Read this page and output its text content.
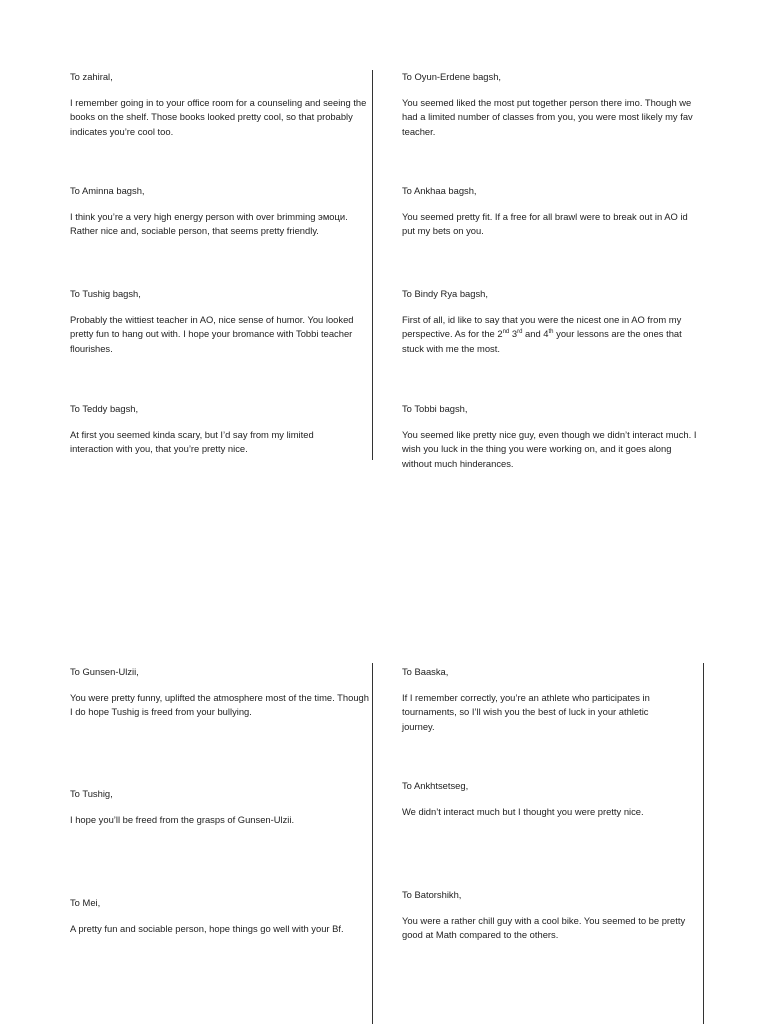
To zahiral,

I remember going in to your office room for a counseling and seeing the books on the shelf. Those books looked pretty cool, so that probably indicates you’re cool too.

To Aminna bagsh,

I think you’re a very high energy person with over brimming эмоци. Rather nice and, sociable person, that seems pretty friendly.

To Tushig bagsh,

Probably the wittiest teacher in AO, nice sense of humor. You looked pretty fun to hang out with. I hope your bromance with Tobbi teacher flourishes.

To Teddy bagsh,

At first you seemed kinda scary, but I’d say from my limited interaction with you, that you’re pretty nice.

To Oyun-Erdene bagsh,

You seemed liked the most put together person there imo. Though we had a limited number of classes from you, you were most likely my fav teacher.

To Ankhaa bagsh,

You seemed pretty fit. If a free for all brawl were to break out in AO id put my bets on you.

To Bindy Rya bagsh,

First of all, id like to say that you were the nicest one in AO from my perspective. As for the 2nd 3rd and 4th your lessons are the ones that stuck with me the most.

To Tobbi bagsh,

You seemed like pretty nice guy, even though we didn’t interact much. I wish you luck in the thing you were working on, and it goes along without much hinderances.

To Gunsen-Ulzii,

You were pretty funny, uplifted the atmosphere most of the time. Though I do hope Tushig is freed from your bullying.

To Tushig,

I hope you’ll be freed from the grasps of Gunsen-Ulzii.

To Mei,

A pretty fun and sociable person, hope things go well with your Bf.

To Baaska,

If I remember correctly, you’re an athlete who participates in tournaments, so I’ll wish you the best of luck in your athletic journey.

To Ankhtsetseg,

We didn’t interact much but I thought you were pretty nice.

To Batorshikh,

You were a rather chill guy with a cool bike. You seemed to be pretty good at Math compared to the others.
